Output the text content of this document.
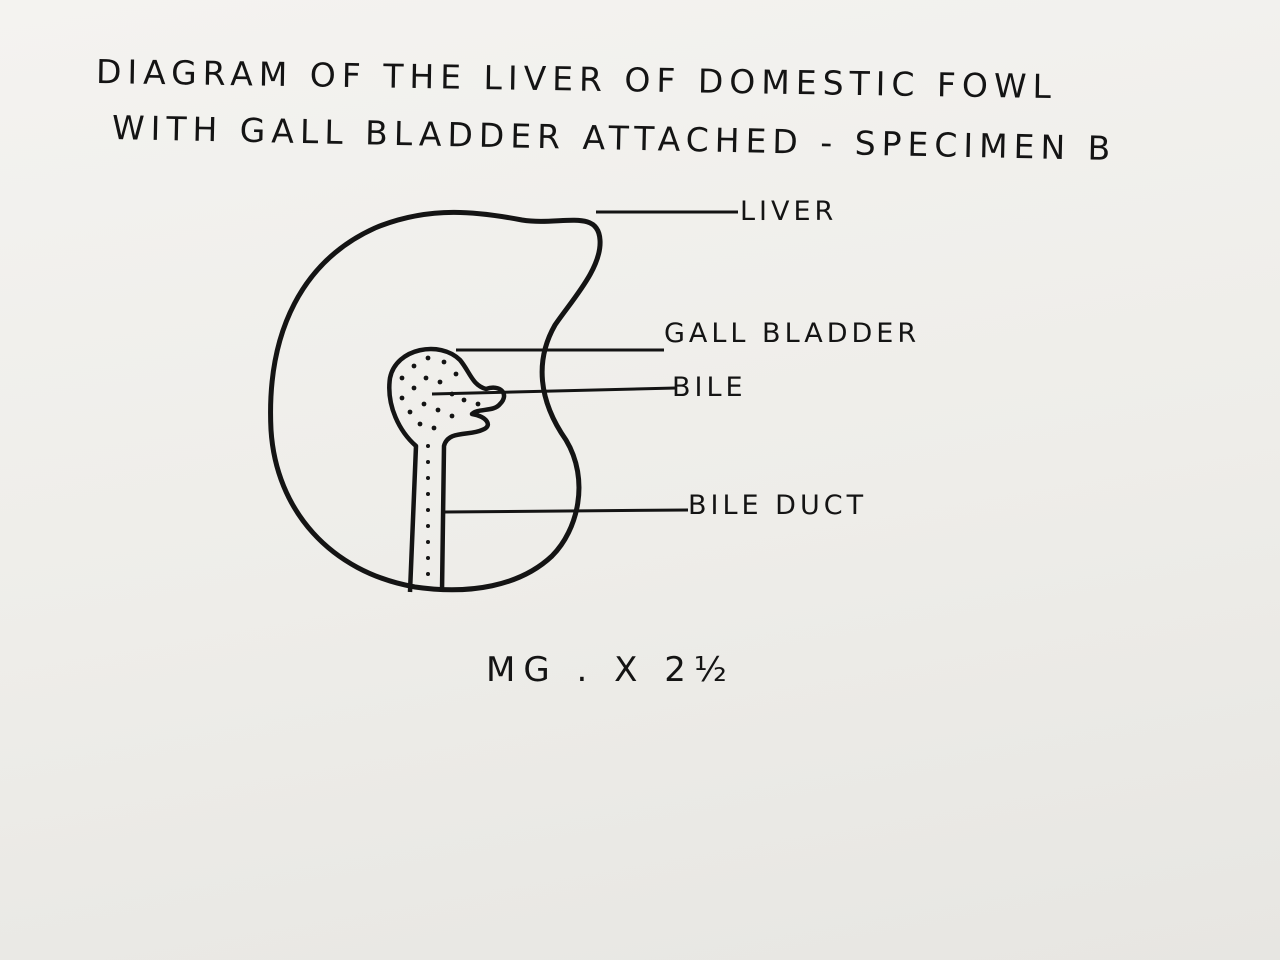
DIAGRAM OF THE LIVER OF DOMESTIC FOWL
WITH GALL BLADDER ATTACHED - SPECIMEN B
LIVER
GALL BLADDER
BILE
BILE DUCT
MG . X 2½
